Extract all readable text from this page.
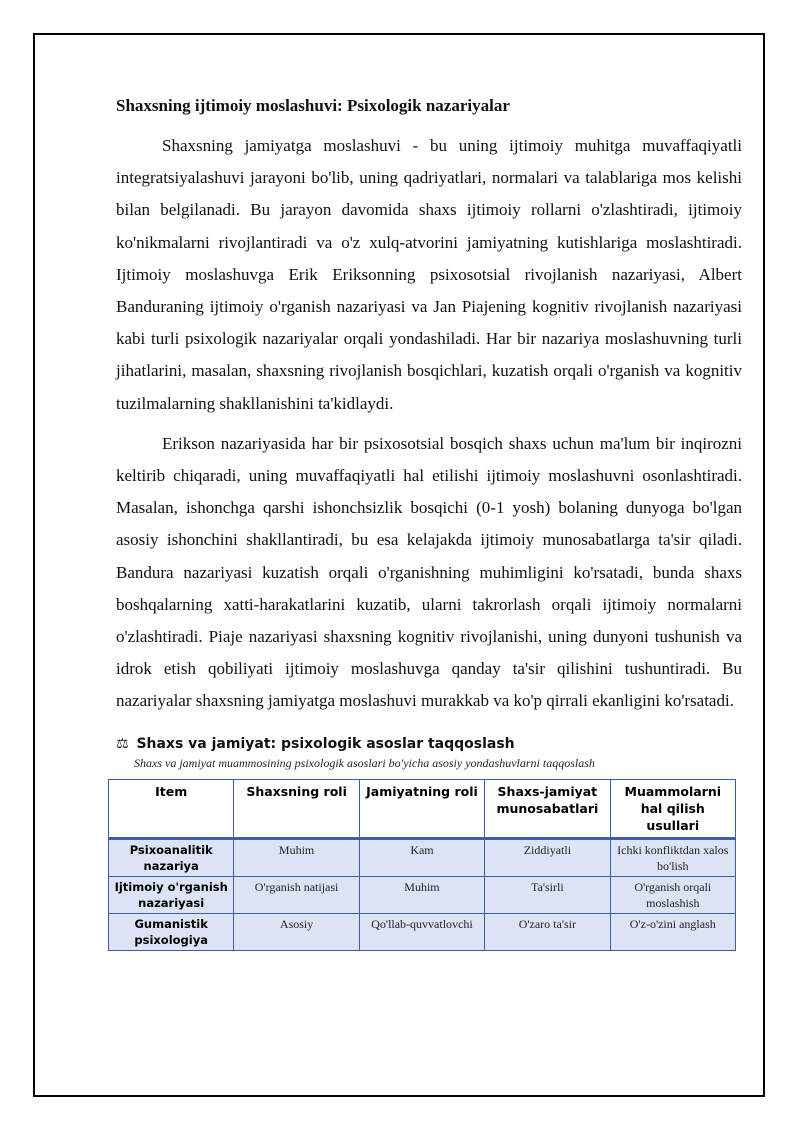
Shaxsning ijtimoiy moslashuvi: Psixologik nazariyalar

Shaxsning jamiyatga moslashuvi - bu uning ijtimoiy muhitga muvaffaqiyatli integratsiyalashuvi jarayoni bo'lib, uning qadriyatlari, normalari va talablariga mos kelishi bilan belgilanadi. Bu jarayon davomida shaxs ijtimoiy rollarni o'zlashtiradi, ijtimoiy ko'nikmalarni rivojlantiradi va o'z xulq-atvorini jamiyatning kutishlariga moslashtiradi. Ijtimoiy moslashuvga Erik Eriksonning psixosotsial rivojlanish nazariyasi, Albert Banduraning ijtimoiy o'rganish nazariyasi va Jan Piajening kognitiv rivojlanish nazariyasi kabi turli psixologik nazariyalar orqali yondashiladi. Har bir nazariya moslashuvning turli jihatlarini, masalan, shaxsning rivojlanish bosqichlari, kuzatish orqali o'rganish va kognitiv tuzilmalarning shakllanishini ta'kidlaydi.

Erikson nazariyasida har bir psixosotsial bosqich shaxs uchun ma'lum bir inqirozni keltirib chiqaradi, uning muvaffaqiyatli hal etilishi ijtimoiy moslashuvni osonlashtiradi. Masalan, ishonchga qarshi ishonchsizlik bosqichi (0-1 yosh) bolaning dunyoga bo'lgan asosiy ishonchini shakllantiradi, bu esa kelajakda ijtimoiy munosabatlarga ta'sir qiladi. Bandura nazariyasi kuzatish orqali o'rganishning muhimligini ko'rsatadi, bunda shaxs boshqalarning xatti-harakatlarini kuzatib, ularni takrorlash orqali ijtimoiy normalarni o'zlashtiradi. Piaje nazariyasi shaxsning kognitiv rivojlanishi, uning dunyoni tushunish va idrok etish qobiliyati ijtimoiy moslashuvga qanday ta'sir qilishini tushuntiradi. Bu nazariyalar shaxsning jamiyatga moslashuvi murakkab va ko'p qirrali ekanligini ko'rsatadi.

⚖ Shaxs va jamiyat: psixologik asoslar taqqoslash
Shaxs va jamiyat muammosining psixologik asoslari bo'yicha asosiy yondashuvlarni taqqoslash
Item	Shaxsning roli	Jamiyatning roli	Shaxs-jamiyat munosabatlari	Muammolarni hal qilish usullari
Psixoanalitik nazariya	Muhim	Kam	Ziddiyatli	Ichki konfliktdan xalos bo'lish
Ijtimoiy o'rganish nazariyasi	O'rganish natijasi	Muhim	Ta'sirli	O'rganish orqali moslashish
Gumanistik psixologiya	Asosiy	Qo'llab-quvvatlovchi	O'zaro ta'sir	O'z-o'zini anglash
